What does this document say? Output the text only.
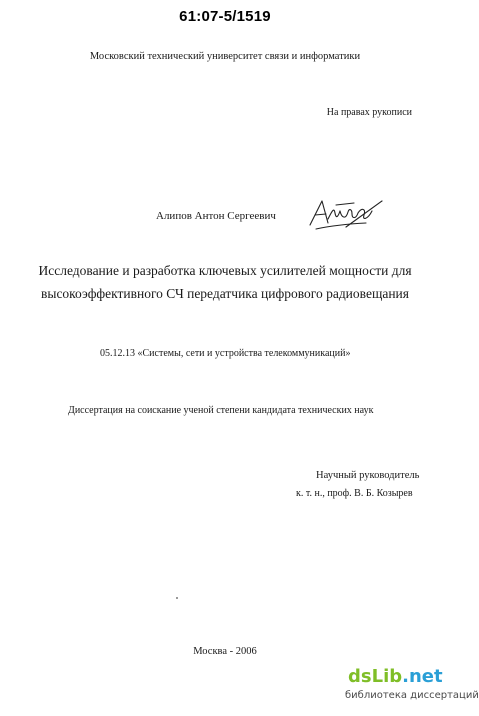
61:07-5/1519
Московский технический университет связи и информатики
На правах рукописи
Алипов Антон Сергеевич
Исследование и разработка ключевых усилителей мощности для
высокоэффективного СЧ передатчика цифрового радиовещания
05.12.13 «Системы, сети и устройства телекоммуникаций»
Диссертация на соискание ученой степени кандидата технических наук
Научный руководитель
к. т. н., проф. В. Б. Козырев
Москва - 2006
dsLib.net
библиотека диссертаций
